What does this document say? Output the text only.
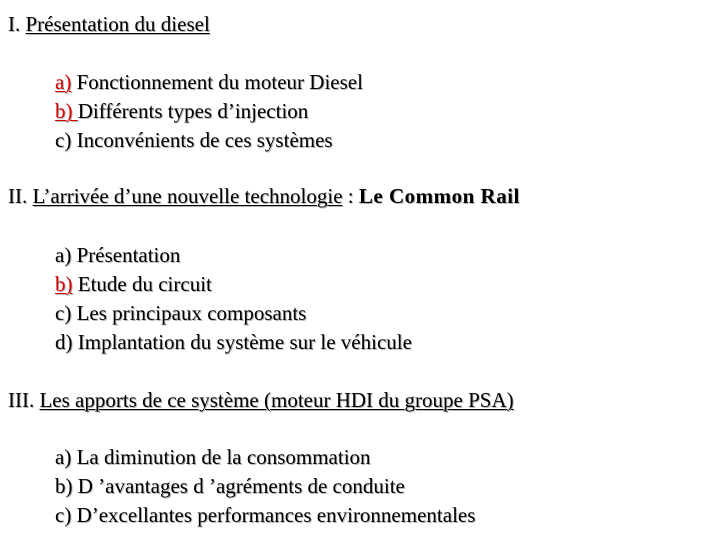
I. Présentation du diesel
a) Fonctionnement du moteur Diesel
b) Différents types d’injection
c) Inconvénients de ces systèmes
II. L’arrivée d’une nouvelle technologie : Le Common Rail
a) Présentation
b) Etude du circuit
c) Les principaux composants
d) Implantation du système sur le véhicule
III. Les apports de ce système (moteur HDI du groupe PSA)
a) La diminution de la consommation
b) D ’avantages d ’agréments de conduite
c) D’excellantes performances environnementales
